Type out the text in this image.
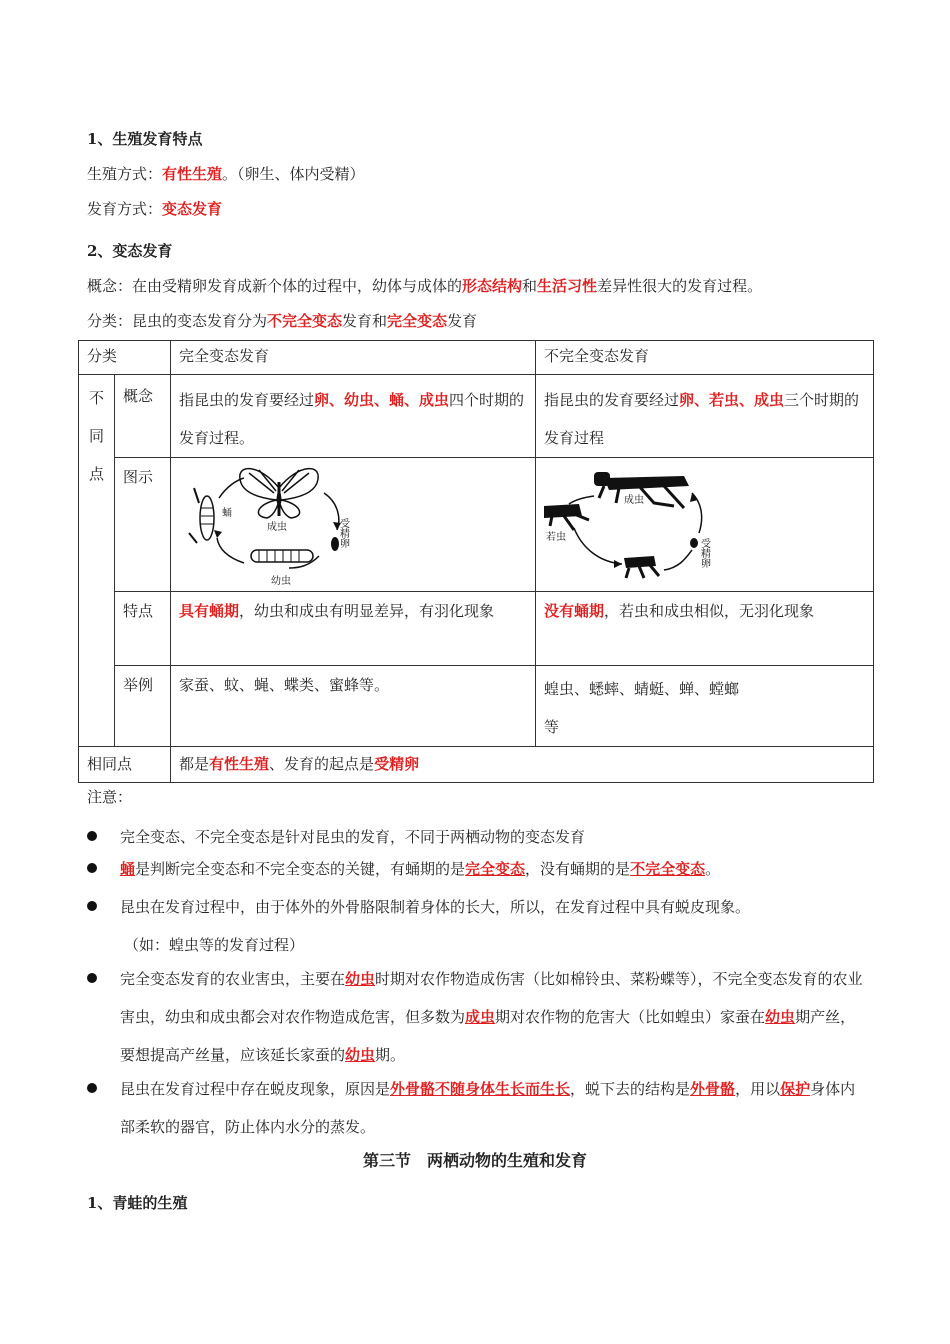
1、生殖发育特点
生殖方式：有性生殖。（卵生、体内受精）
发育方式：变态发育
2、变态发育
概念：在由受精卵发育成新个体的过程中，幼体与成体的形态结构和生活习性差异性很大的发育过程。
分类：昆虫的变态发育分为不完全变态发育和完全变态发育
分类		完全变态发育	不完全变态发育

不
同
点	概念	指昆虫的发育要经过卵、幼虫、蛹、成虫四个时期的发育过程。	指昆虫的发育要经过卵、若虫、成虫三个时期的发育过程

	图示	蛹
成虫
幼虫
受精卵	成虫
若虫
受精卵

	特点	具有蛹期，幼虫和成虫有明显差异，有羽化现象	没有蛹期，若虫和成虫相似，无羽化现象
	举例	家蚕、蚊、蝇、蝶类、蜜蜂等。	蝗虫、蟋蟀、蜻蜓、蝉、螳螂
等

相同点		都是有性生殖、发育的起点是受精卵	
注意：
完全变态、不完全变态是针对昆虫的发育，不同于两栖动物的变态发育
蛹是判断完全变态和不完全变态的关键，有蛹期的是完全变态，没有蛹期的是不完全变态。
昆虫在发育过程中，由于体外的外骨胳限制着身体的长大，所以，在发育过程中具有蜕皮现象。
（如：蝗虫等的发育过程）
完全变态发育的农业害虫，主要在幼虫时期对农作物造成伤害（比如棉铃虫、菜粉蝶等），不完全变态发育的农业害虫，幼虫和成虫都会对农作物造成危害，但多数为成虫期对农作物的危害大（比如蝗虫）家蚕在幼虫期产丝，要想提高产丝量，应该延长家蚕的幼虫期。
昆虫在发育过程中存在蜕皮现象，原因是外骨骼不随身体生长而生长，蜕下去的结构是外骨骼，用以保护身体内部柔软的器官，防止体内水分的蒸发。
第三节　两栖动物的生殖和发育
1、青蛙的生殖
